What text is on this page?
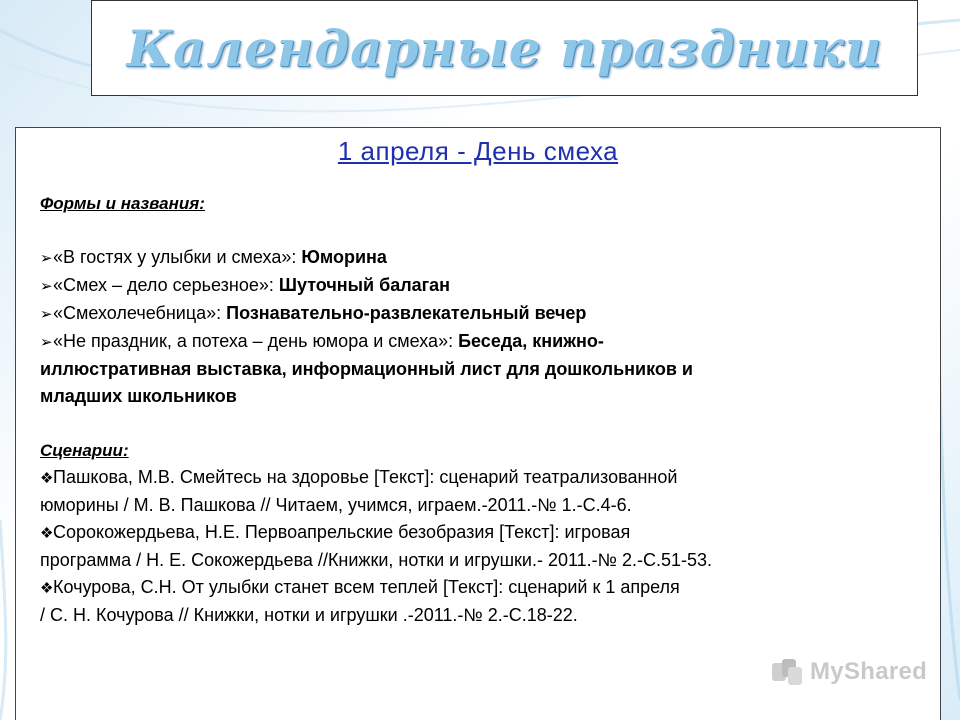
Календарные праздники
1 апреля - День смеха
Формы и названия:
➢«В гостях у улыбки и смеха»: Юморина
➢«Смех – дело серьезное»: Шуточный балаган
➢«Смехолечебница»: Познавательно-развлекательный вечер
➢«Не праздник, а потеха – день юмора и смеха»: Беседа, книжно-
иллюстративная выставка, информационный лист для дошкольников и
младших школьников
Сценарии:
❖Пашкова, М.В. Смейтесь на здоровье [Текст]: сценарий театрализованной
юморины / М. В. Пашкова // Читаем, учимся, играем.-2011.-№ 1.-С.4-6.
❖Сорокожердьева, Н.Е. Первоапрельские безобразия [Текст]: игровая
программа / Н. Е. Сокожердьева //Книжки, нотки и игрушки.- 2011.-№ 2.-С.51-53.
❖Кочурова, С.Н. От улыбки станет всем теплей [Текст]: сценарий к 1 апреля
/ С. Н. Кочурова // Книжки, нотки и игрушки .-2011.-№ 2.-С.18-22.
MyShared
